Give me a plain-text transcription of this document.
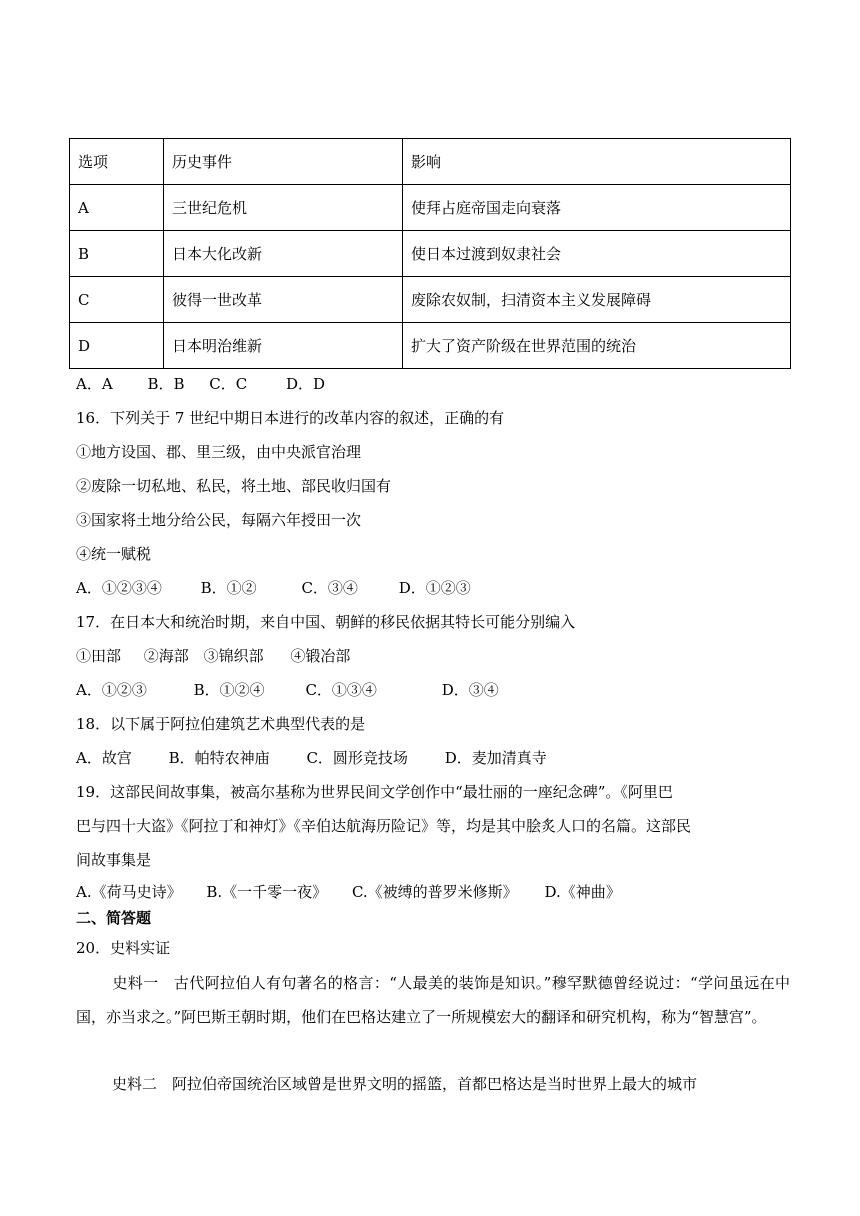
选项	历史事件	影响
A	三世纪危机	使拜占庭帝国走向衰落
B	日本大化改新	使日本过渡到奴隶社会
C	彼得一世改革	废除农奴制，扫清资本主义发展障碍
D	日本明治维新	扩大了资产阶级在世界范围的统治
A．A B．B C．C	D．D
16．下列关于 7 世纪中期日本进行的改革内容的叙述，正确的有
①地方设国、郡、里三级，由中央派官治理
②废除一切私地、私民，将土地、部民收归国有
③国家将土地分给公民，每隔六年授田一次
④统一赋税
A．①②③④	B．①②	C．③④	D．①②③
17．在日本大和统治时期，来自中国、朝鲜的移民依据其特长可能分别编入
①田部 ②海部 ③锦织部 ④锻冶部
A．①②③	B．①②④	C．①③④	D．③④
18．以下属于阿拉伯建筑艺术典型代表的是
A．故宫 B．帕特农神庙 C．圆形竞技场 D．麦加清真寺
19．这部民间故事集，被高尔基称为世界民间文学创作中“最壮丽的一座纪念碑”。《阿里巴
巴与四十大盗》《阿拉丁和神灯》《辛伯达航海历险记》等，均是其中脍炙人口的名篇。这部民
间故事集是
A.《荷马史诗》 B.《一千零一夜》 C.《被缚的普罗米修斯》 D.《神曲》
二、简答题
20．史料实证
史料一　古代阿拉伯人有句著名的格言：“人最美的装饰是知识。”穆罕默德曾经说过：“学问虽远在中国，亦当求之。”阿巴斯王朝时期，他们在巴格达建立了一所规模宏大的翻译和研究机构，称为“智慧宫”。
史料二　阿拉伯帝国统治区域曾是世界文明的摇篮，首都巴格达是当时世界上最大的城市
